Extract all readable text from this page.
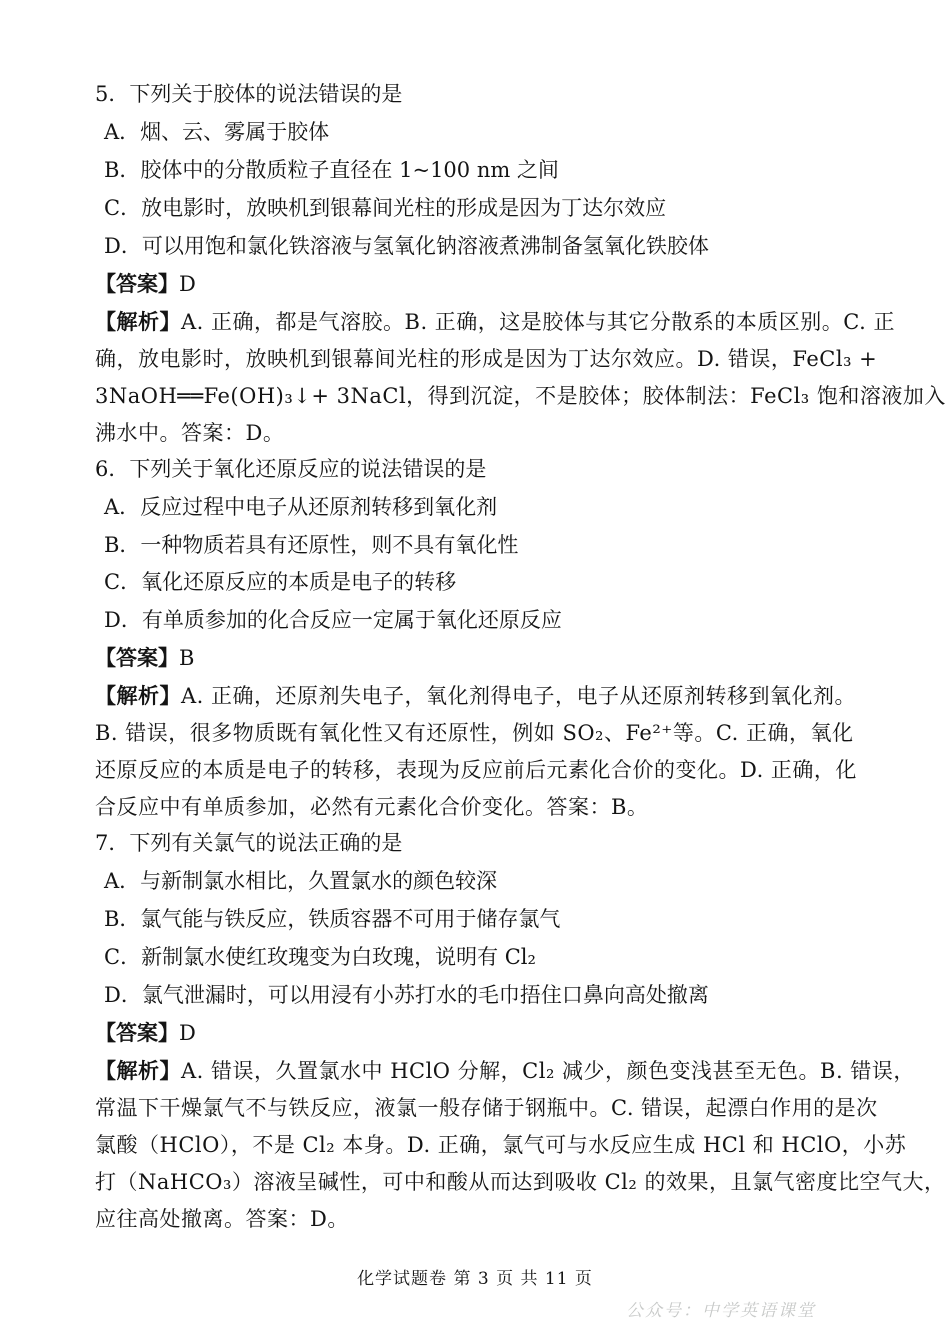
5．下列关于胶体的说法错误的是
A．烟、云、雾属于胶体
B．胶体中的分散质粒子直径在 1~100 nm 之间
C．放电影时，放映机到银幕间光柱的形成是因为丁达尔效应
D．可以用饱和氯化铁溶液与氢氧化钠溶液煮沸制备氢氧化铁胶体
【答案】D
【解析】A. 正确，都是气溶胶。B. 正确，这是胶体与其它分散系的本质区别。C. 正
确，放电影时，放映机到银幕间光柱的形成是因为丁达尔效应。D. 错误，FeCl₃ +
3NaOH══Fe(OH)₃↓+ 3NaCl，得到沉淀，不是胶体；胶体制法：FeCl₃ 饱和溶液加入
沸水中。答案：D。
6．下列关于氧化还原反应的说法错误的是
A．反应过程中电子从还原剂转移到氧化剂
B．一种物质若具有还原性，则不具有氧化性
C．氧化还原反应的本质是电子的转移
D．有单质参加的化合反应一定属于氧化还原反应
【答案】B
【解析】A. 正确，还原剂失电子，氧化剂得电子，电子从还原剂转移到氧化剂。
B. 错误，很多物质既有氧化性又有还原性，例如 SO₂、Fe²⁺等。C. 正确，氧化
还原反应的本质是电子的转移，表现为反应前后元素化合价的变化。D. 正确，化
合反应中有单质参加，必然有元素化合价变化。答案：B。
7．下列有关氯气的说法正确的是
A．与新制氯水相比，久置氯水的颜色较深
B．氯气能与铁反应，铁质容器不可用于储存氯气
C．新制氯水使红玫瑰变为白玫瑰，说明有 Cl₂
D．氯气泄漏时，可以用浸有小苏打水的毛巾捂住口鼻向高处撤离
【答案】D
【解析】A. 错误，久置氯水中 HClO 分解，Cl₂ 减少，颜色变浅甚至无色。B. 错误，
常温下干燥氯气不与铁反应，液氯一般存储于钢瓶中。C. 错误，起漂白作用的是次
氯酸（HClO），不是 Cl₂ 本身。D. 正确，氯气可与水反应生成 HCl 和 HClO，小苏
打（NaHCO₃）溶液呈碱性，可中和酸从而达到吸收 Cl₂ 的效果，且氯气密度比空气大，
应往高处撤离。答案：D。
化学试题卷 第 3 页 共 11 页
公众号：中学英语课堂
